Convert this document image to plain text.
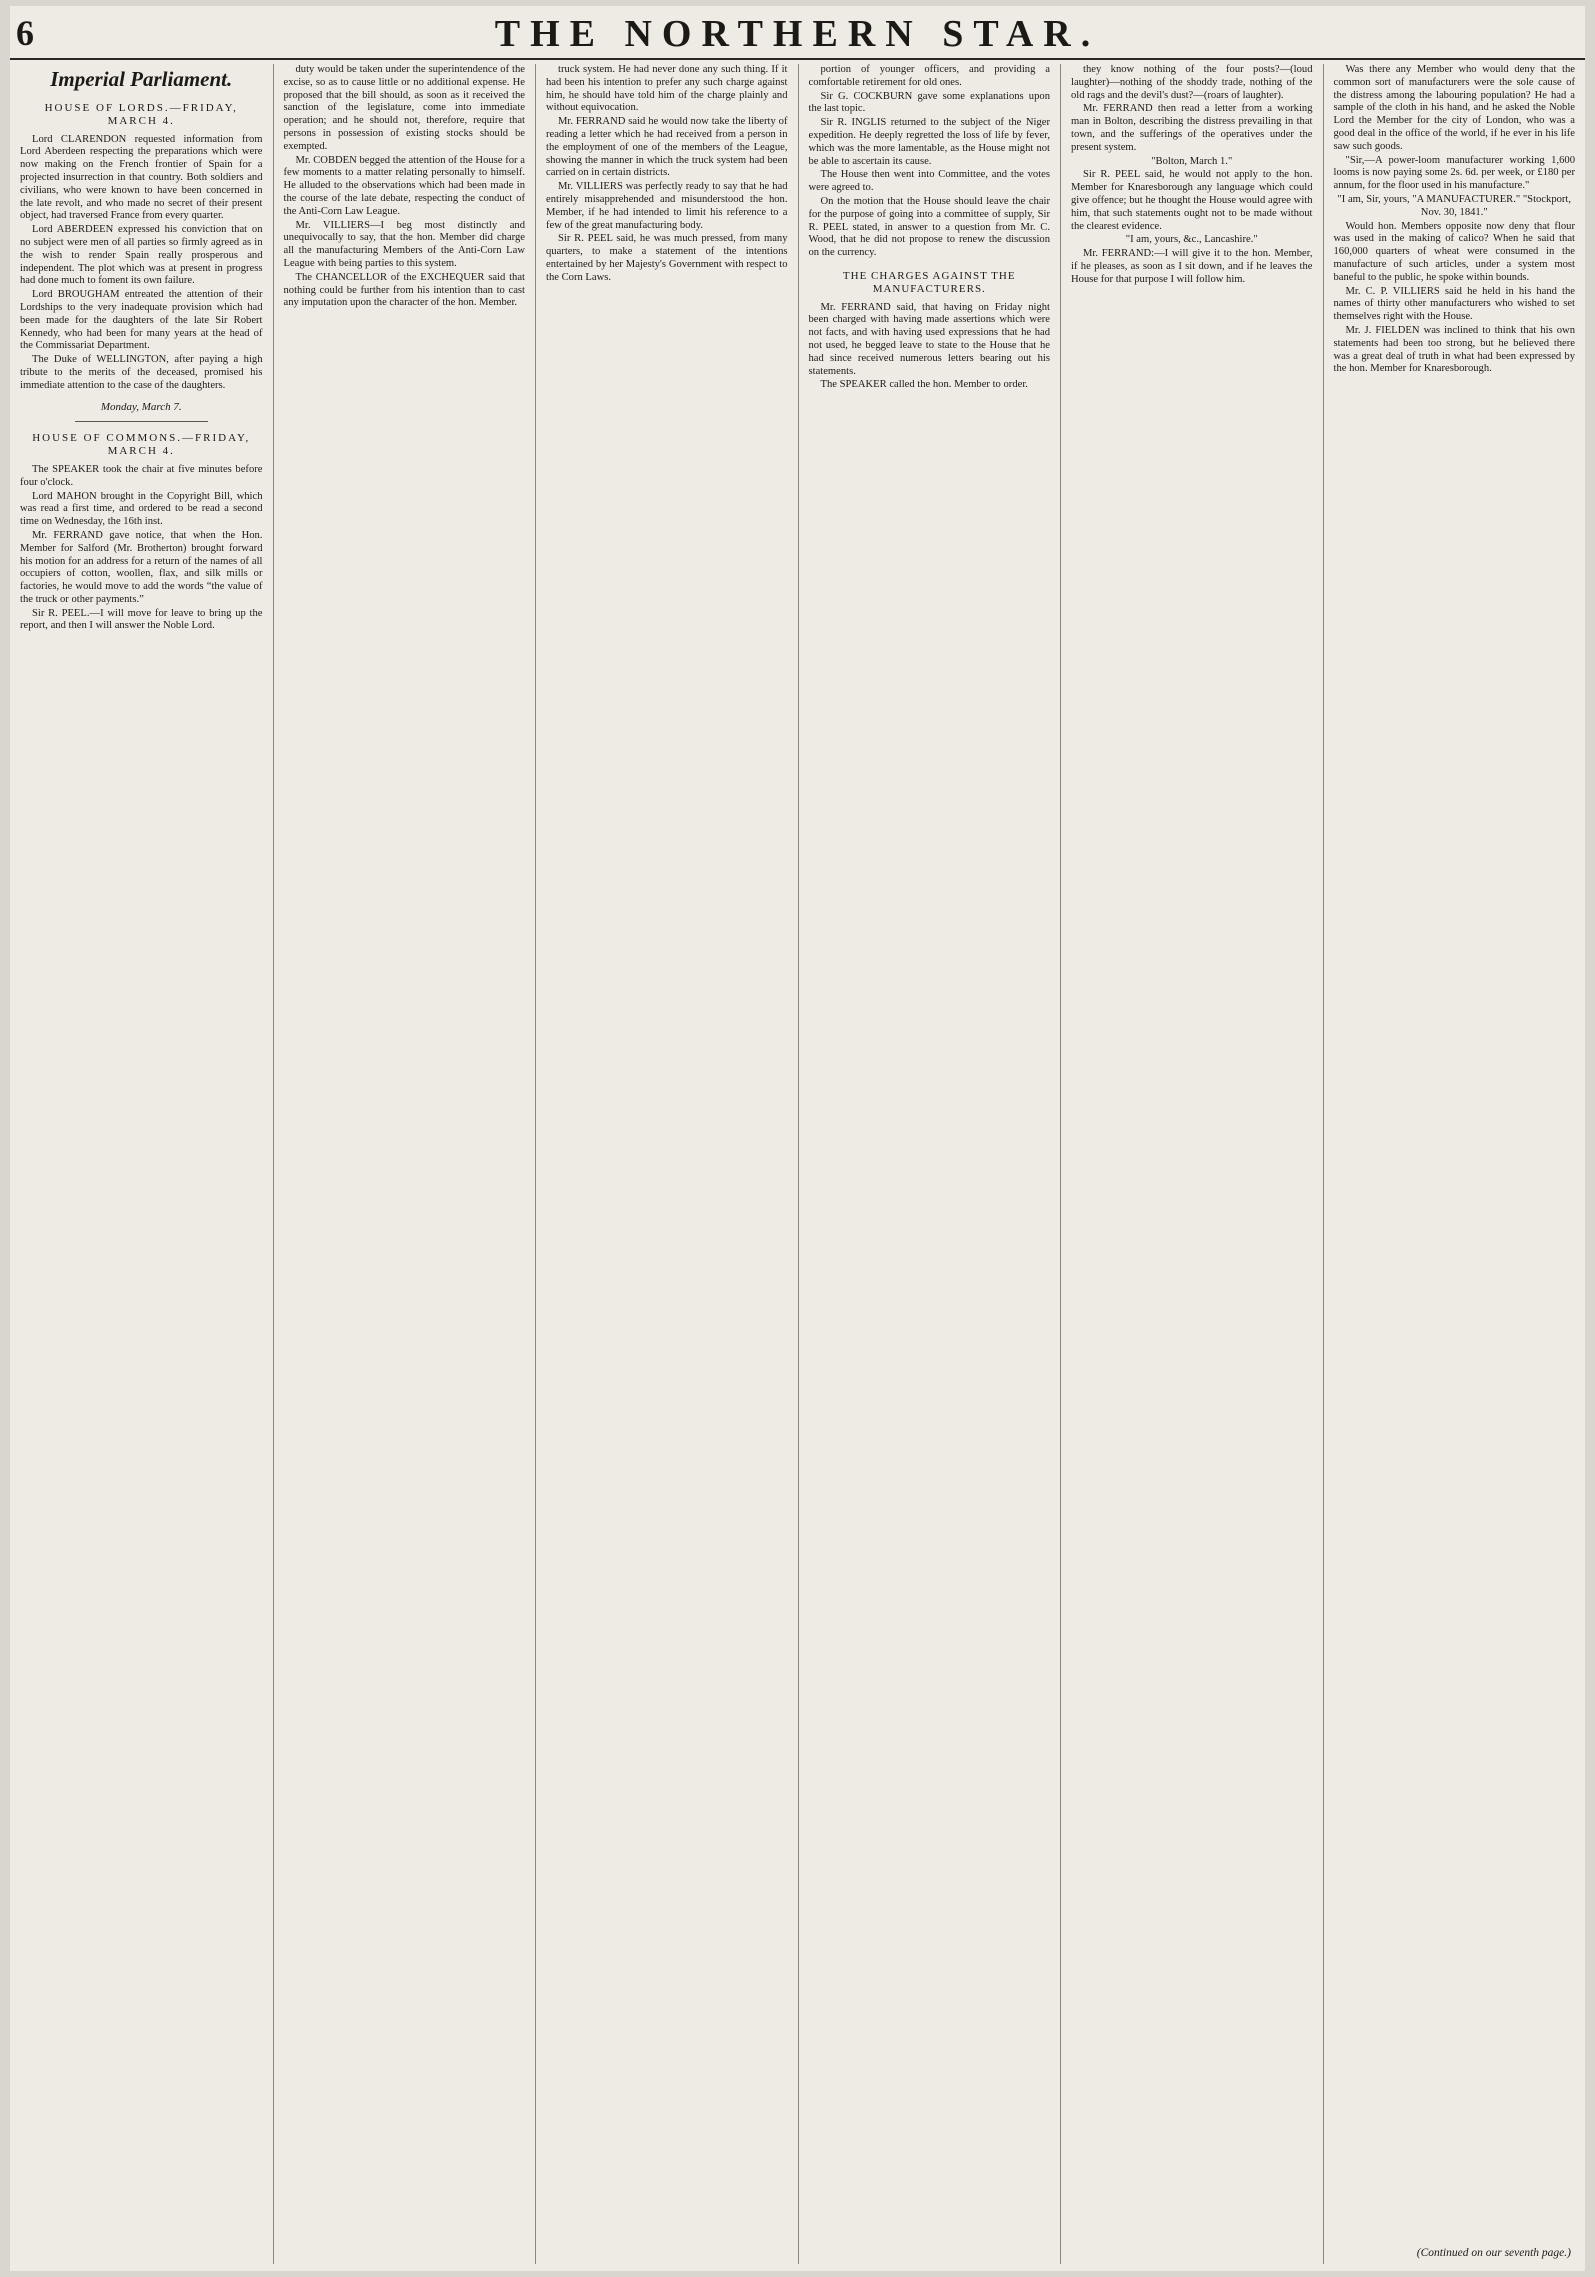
6	THE NORTHERN STAR.
Imperial Parliament.
HOUSE OF LORDS.—FRIDAY, MARCH 4.

Lord CLARENDON requested information from Lord Aberdeen respecting the preparations which were now making on the French frontier of Spain for a projected insurrection in that country. Both soldiers and civilians, who were known to have been concerned in the late revolt, and who made no secret of their present object, had traversed France from every quarter.

Lord ABERDEEN expressed his conviction that on no subject were men of all parties so firmly agreed as in the wish to render Spain really prosperous and independent. The plot which was at present in progress had done much to foment its own failure.

Lord BROUGHAM entreated the attention of their Lordships to the very inadequate provision which had been made for the daughters of the late Sir Robert Kennedy, who had been for many years at the head of the Commissariat Department.

The Duke of WELLINGTON, after paying a high tribute to the merits of the deceased, promised his immediate attention to the case of the daughters.

Monday, March 7.
HOUSE OF COMMONS.—FRIDAY, MARCH 4.

The SPEAKER took the chair at five minutes before four o'clock.

Lord MAHON brought in the Copyright Bill, which was read a first time, and ordered to be read a second time on Wednesday, the 16th inst.

Mr. FERRAND gave notice, that when the Hon. Member for Salford (Mr. Brotherton) brought forward his motion for an address for a return of the names of all occupiers of cotton, woollen, flax, and silk mills or factories, he would move to add the words “the value of the truck or other payments.”

Sir R. PEEL.—I will move for leave to bring up the report, and then I will answer the Noble Lord.

duty would be taken under the superintendence of the excise, so as to cause little or no additional expense. He proposed that the bill should, as soon as it received the sanction of the legislature, come into immediate operation; and he should not, therefore, require that persons in possession of existing stocks should be exempted.

Mr. COBDEN begged the attention of the House for a few moments to a matter relating personally to himself. He alluded to the observations which had been made in the course of the late debate, respecting the conduct of the Anti-Corn Law League.

Mr. VILLIERS—I beg most distinctly and unequivocally to say, that the hon. Member did charge all the manufacturing Members of the Anti-Corn Law League with being parties to this system.

The CHANCELLOR of the EXCHEQUER said that nothing could be further from his intention than to cast any imputation upon the character of the hon. Member.

truck system. He had never done any such thing. If it had been his intention to prefer any such charge against him, he should have told him of the charge plainly and without equivocation.

Mr. FERRAND said he would now take the liberty of reading a letter which he had received from a person in the employment of one of the members of the League, showing the manner in which the truck system had been carried on in certain districts.

Mr. VILLIERS was perfectly ready to say that he had entirely misapprehended and misunderstood the hon. Member, if he had intended to limit his reference to a few of the great manufacturing body.

Sir R. PEEL said, he was much pressed, from many quarters, to make a statement of the intentions entertained by her Majesty's Government with respect to the Corn Laws.

portion of younger officers, and providing a comfortable retirement for old ones.

Sir G. COCKBURN gave some explanations upon the last topic.

Sir R. INGLIS returned to the subject of the Niger expedition. He deeply regretted the loss of life by fever, which was the more lamentable, as the House might not be able to ascertain its cause.

The House then went into Committee, and the votes were agreed to.

On the motion that the House should leave the chair for the purpose of going into a committee of supply, Sir R. PEEL stated, in answer to a question from Mr. C. Wood, that he did not propose to renew the discussion on the currency.

THE CHARGES AGAINST THE MANUFACTURERS.

Mr. FERRAND said, that having on Friday night been charged with having made assertions which were not facts, and with having used expressions that he had not used, he begged leave to state to the House that he had since received numerous letters bearing out his statements.

The SPEAKER called the hon. Member to order.

they know nothing of the four posts?—(loud laughter)—nothing of the shoddy trade, nothing of the old rags and the devil's dust?—(roars of laughter).

Mr. FERRAND then read a letter from a working man in Bolton, describing the distress prevailing in that town, and the sufferings of the operatives under the present system.

"Bolton, March 1."

Sir R. PEEL said, he would not apply to the hon. Member for Knaresborough any language which could give offence; but he thought the House would agree with him, that such statements ought not to be made without the clearest evidence.

"I am, yours, &c., Lancashire."

Mr. FERRAND:—I will give it to the hon. Member, if he pleases, as soon as I sit down, and if he leaves the House for that purpose I will follow him.

Was there any Member who would deny that the common sort of manufacturers were the sole cause of the distress among the labouring population? He had a sample of the cloth in his hand, and he asked the Noble Lord the Member for the city of London, who was a good deal in the office of the world, if he ever in his life saw such goods.

"Sir,—A power-loom manufacturer working 1,600 looms is now paying some 2s. 6d. per week, or £180 per annum, for the floor used in his manufacture."

"I am, Sir, yours, "A MANUFACTURER." "Stockport, Nov. 30, 1841."

Would hon. Members opposite now deny that flour was used in the making of calico? When he said that 160,000 quarters of wheat were consumed in the manufacture of such articles, under a system most baneful to the public, he spoke within bounds.

Mr. C. P. VILLIERS said he held in his hand the names of thirty other manufacturers who wished to set themselves right with the House.

Mr. J. FIELDEN was inclined to think that his own statements had been too strong, but he believed there was a great deal of truth in what had been expressed by the hon. Member for Knaresborough.

(Continued on our seventh page.)
